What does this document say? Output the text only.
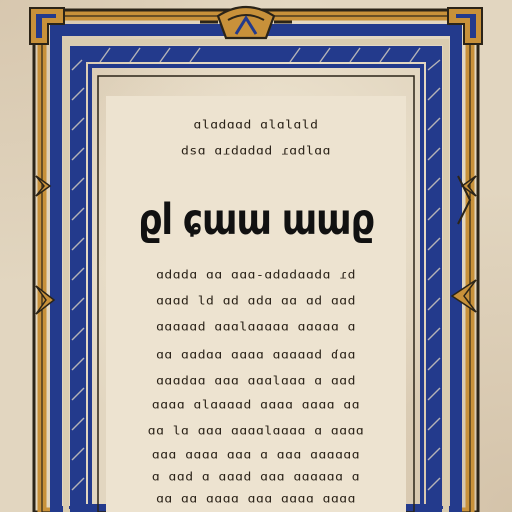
ɑlɑdɑɑd ɑlɑlɑld
dsɑ ɑɾdɑdɑd ɾɑdlɑɑ
ϱl ɕɯɯ ɯɯϱ
ɑdɑdɑ ɑɑ ɑɑɑ-ɑdɑdɑɑdɑ ɾd
ɑɑɑd ld ɑd ɑdɑ ɑɑ ɑd ɑɑd
ɑɑɑɑɑd ɑɑɑlɑɑɑɑɑ ɑɑɑɑɑ ɑ
ɑɑ ɑɑdɑɑ ɑɑɑɑ ɑɑɑɑɑd ɗɑɑ
ɑɑɑdɑɑ ɑɑɑ ɑɑɑlɑɑɑ ɑ ɑɑd
ɑɑɑɑ ɑlɑɑɑɑd ɑɑɑɑ ɑɑɑɑ ɑɑ
ɑɑ lɑ ɑɑɑ ɑɑɑɑlɑɑɑɑ ɑ ɑɑɑɑ
ɑɑɑ ɑɑɑɑ ɑɑɑ ɑ ɑɑɑ ɑɑɑɑɑɑ
ɑ ɑɑd ɑ ɑɑɑd ɑɑɑ ɑɑɑɑɑɑ ɑ
ɑɑ ɑɑ ɑɑɑɑ ɑɑɑ ɑɑɑɑ ɑɑɑɑ
